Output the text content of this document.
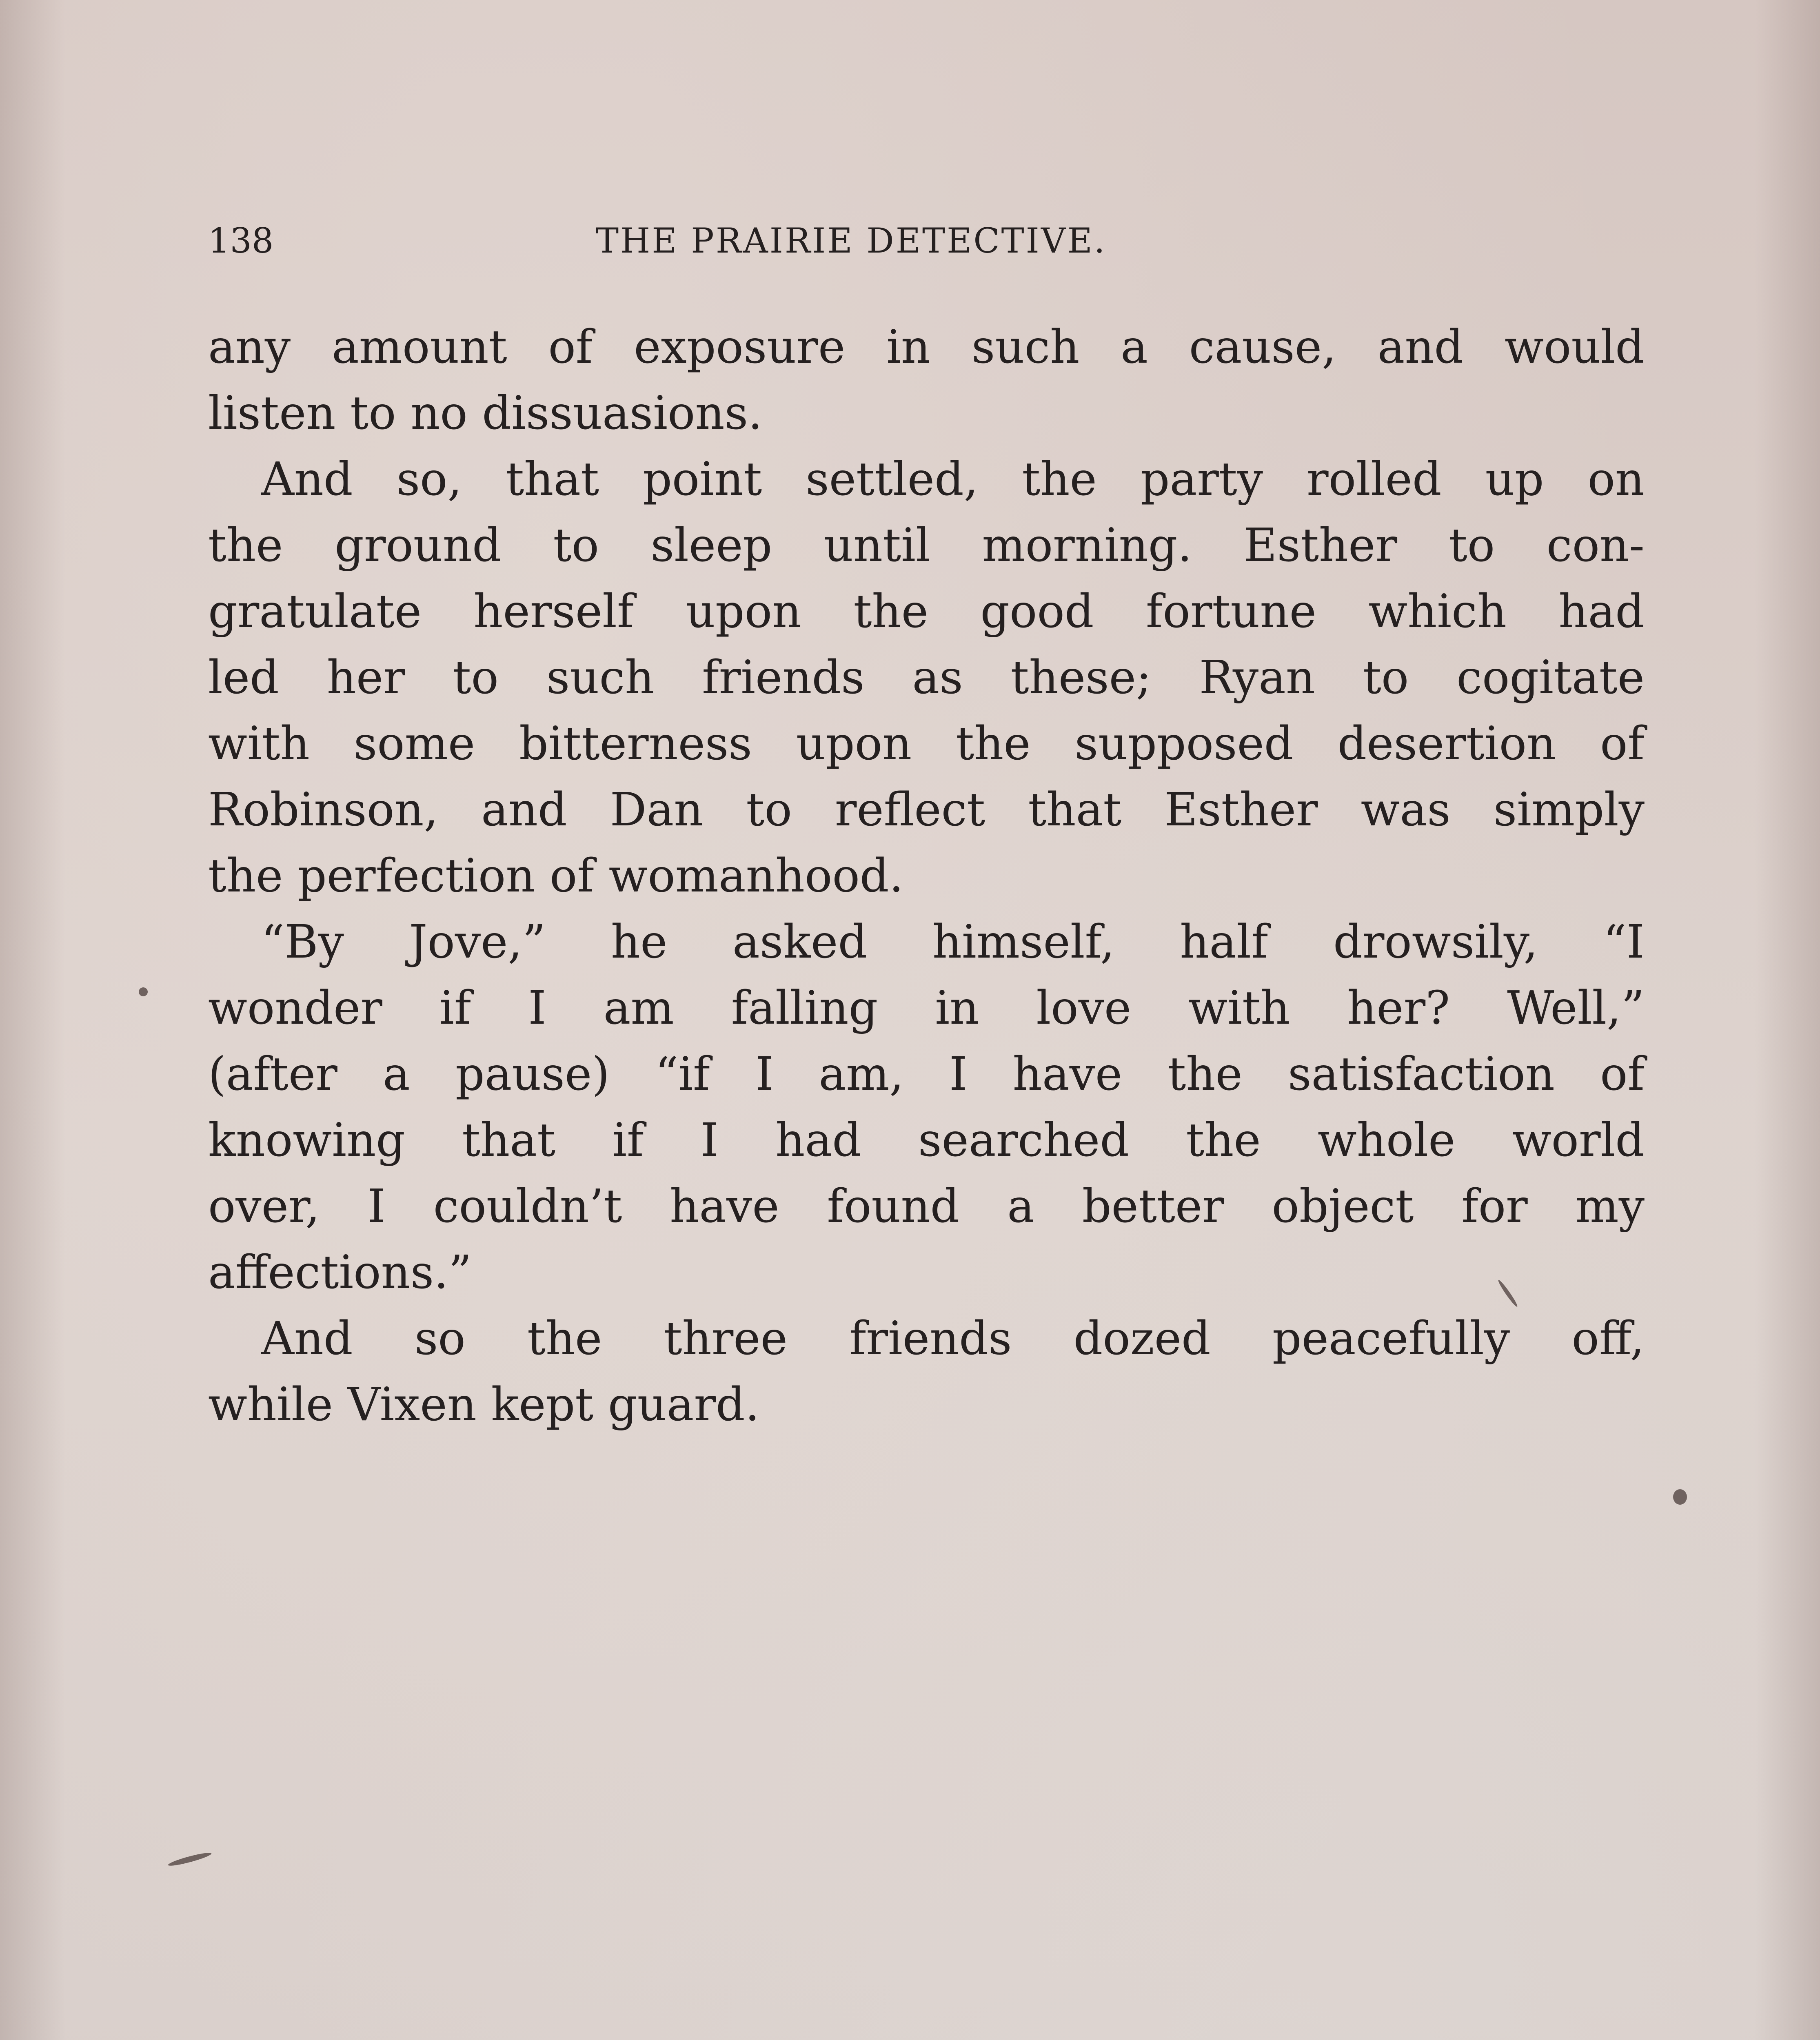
138	THE PRAIRIE DETECTIVE.
any amount of exposure in such a cause, and would
listen to no dissuasions.
And so, that point settled, the party rolled up on
the ground to sleep until morning. Esther to con-
gratulate herself upon the good fortune which had
led her to such friends as these; Ryan to cogitate
with some bitterness upon the supposed desertion of
Robinson, and Dan to reflect that Esther was simply
the perfection of womanhood.
“By Jove,” he asked himself, half drowsily, “I
wonder if I am falling in love with her? Well,”
(after a pause) “if I am, I have the satisfaction of
knowing that if I had searched the whole world
over, I couldn’t have found a better object for my
affections.”
And so the three friends dozed peacefully off,
while Vixen kept guard.
